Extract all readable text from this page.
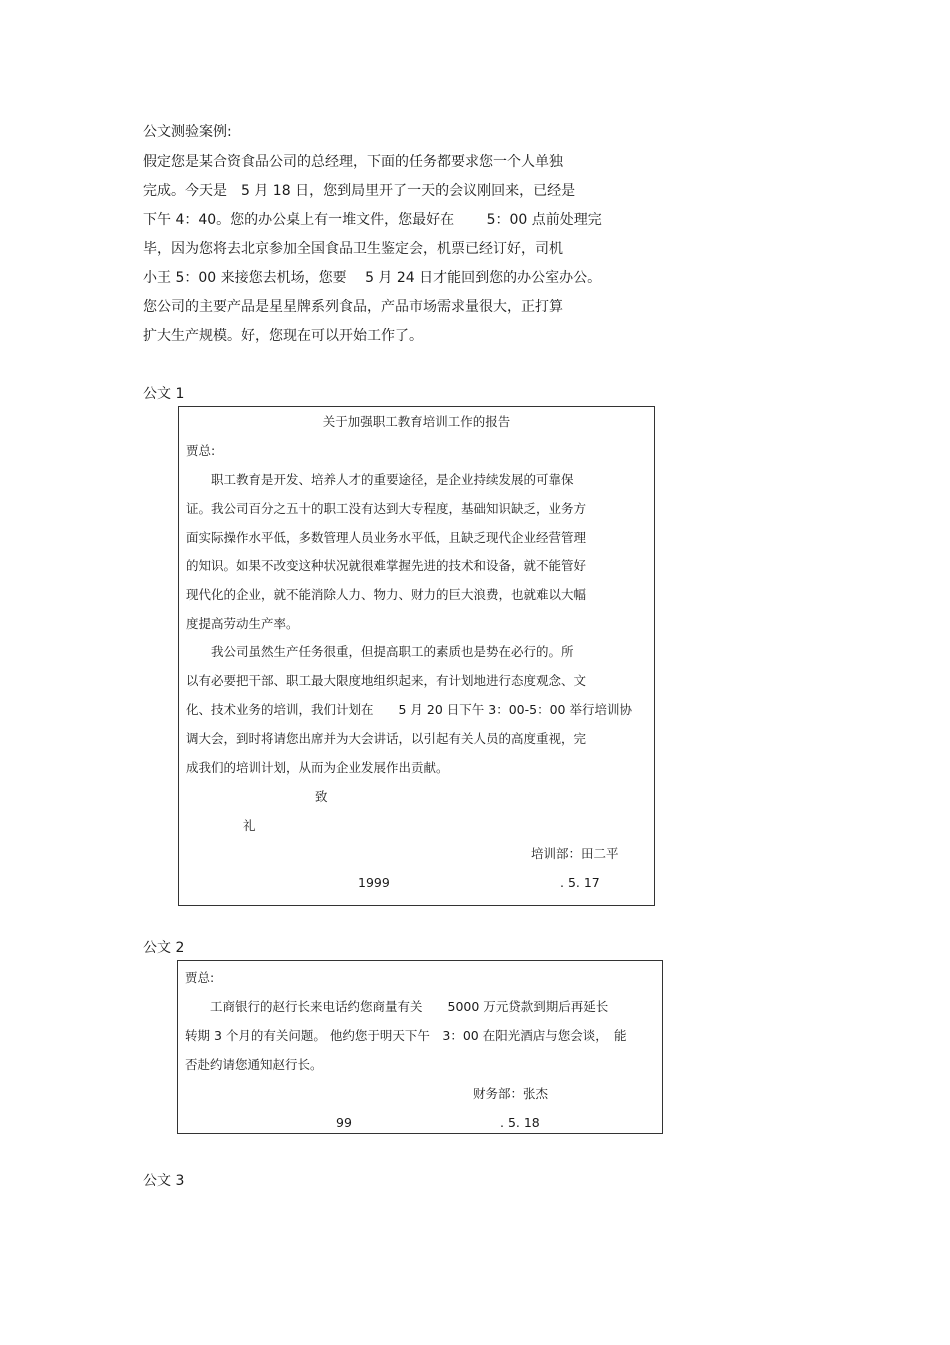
公文测验案例:
假定您是某合资食品公司的总经理，下面的任务都要求您一个人单独
完成。今天是　5 月 18 日，您到局里开了一天的会议刚回来，已经是
下午 4：40。您的办公桌上有一堆文件，您最好在　　 5：00 点前处理完
毕，因为您将去北京参加全国食品卫生鉴定会，机票已经订好，司机
小王 5：00 来接您去机场，您要　 5 月 24 日才能回到您的办公室办公。
您公司的主要产品是星星牌系列食品，产品市场需求量很大，正打算
扩大生产规模。好，您现在可以开始工作了。
公文 1
关于加强职工教育培训工作的报告
贾总:
　　职工教育是开发、培养人才的重要途径，是企业持续发展的可靠保
证。我公司百分之五十的职工没有达到大专程度，基础知识缺乏，业务方
面实际操作水平低，多数管理人员业务水平低，且缺乏现代企业经营管理
的知识。如果不改变这种状况就很难掌握先进的技术和设备，就不能管好
现代化的企业，就不能消除人力、物力、财力的巨大浪费，也就难以大幅
度提高劳动生产率。
　　我公司虽然生产任务很重，但提高职工的素质也是势在必行的。所
以有必要把干部、职工最大限度地组织起来，有计划地进行态度观念、文
化、技术业务的培训，我们计划在　　5 月 20 日下午 3：00-5：00 举行培训协
调大会，到时将请您出席并为大会讲话，以引起有关人员的高度重视，完
成我们的培训计划，从而为企业发展作出贡献。
致
礼
培训部：田二平
1999	. 5. 17
公文 2
贾总:
　　工商银行的赵行长来电话约您商量有关　　5000 万元贷款到期后再延长
转期 3 个月的有关问题。 他约您于明天下午　3：00 在阳光酒店与您会谈，　能
否赴约请您通知赵行长。
财务部：张杰
99	. 5. 18
公文 3
